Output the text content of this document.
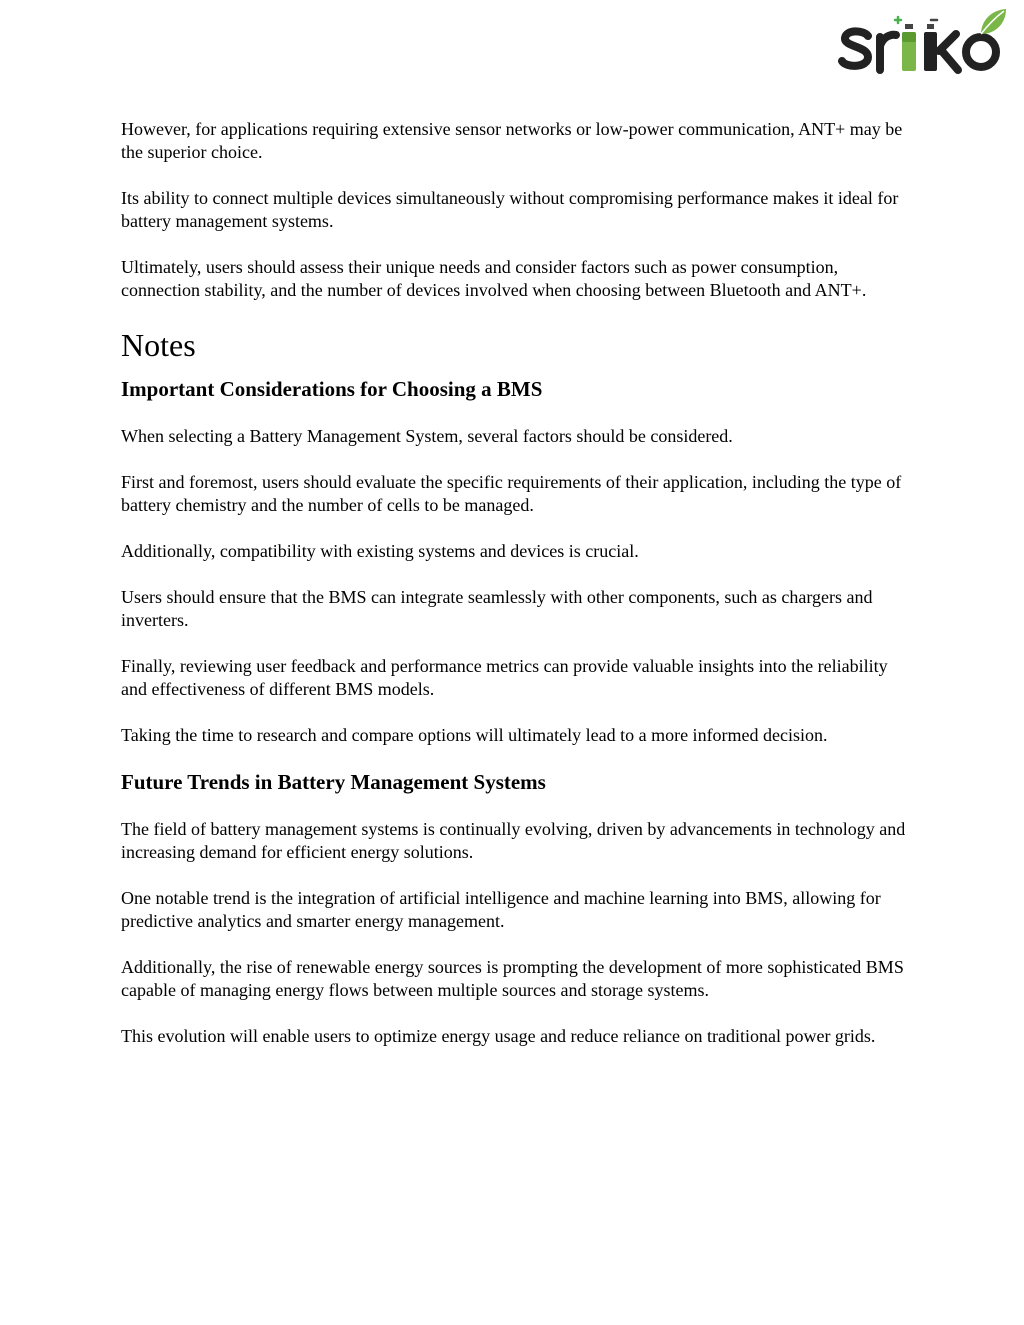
However, for applications requiring extensive sensor networks or low-power communication, ANT+ may be the superior choice.

Its ability to connect multiple devices simultaneously without compromising performance makes it ideal for battery management systems.

Ultimately, users should assess their unique needs and consider factors such as power consumption, connection stability, and the number of devices involved when choosing between Bluetooth and ANT+.

Notes
Important Considerations for Choosing a BMS

When selecting a Battery Management System, several factors should be considered.

First and foremost, users should evaluate the specific requirements of their application, including the type of battery chemistry and the number of cells to be managed.

Additionally, compatibility with existing systems and devices is crucial.

Users should ensure that the BMS can integrate seamlessly with other components, such as chargers and inverters.

Finally, reviewing user feedback and performance metrics can provide valuable insights into the reliability and effectiveness of different BMS models.

Taking the time to research and compare options will ultimately lead to a more informed decision.

Future Trends in Battery Management Systems

The field of battery management systems is continually evolving, driven by advancements in technology and increasing demand for efficient energy solutions.

One notable trend is the integration of artificial intelligence and machine learning into BMS, allowing for predictive analytics and smarter energy management.

Additionally, the rise of renewable energy sources is prompting the development of more sophisticated BMS capable of managing energy flows between multiple sources and storage systems.

This evolution will enable users to optimize energy usage and reduce reliance on traditional power grids.
